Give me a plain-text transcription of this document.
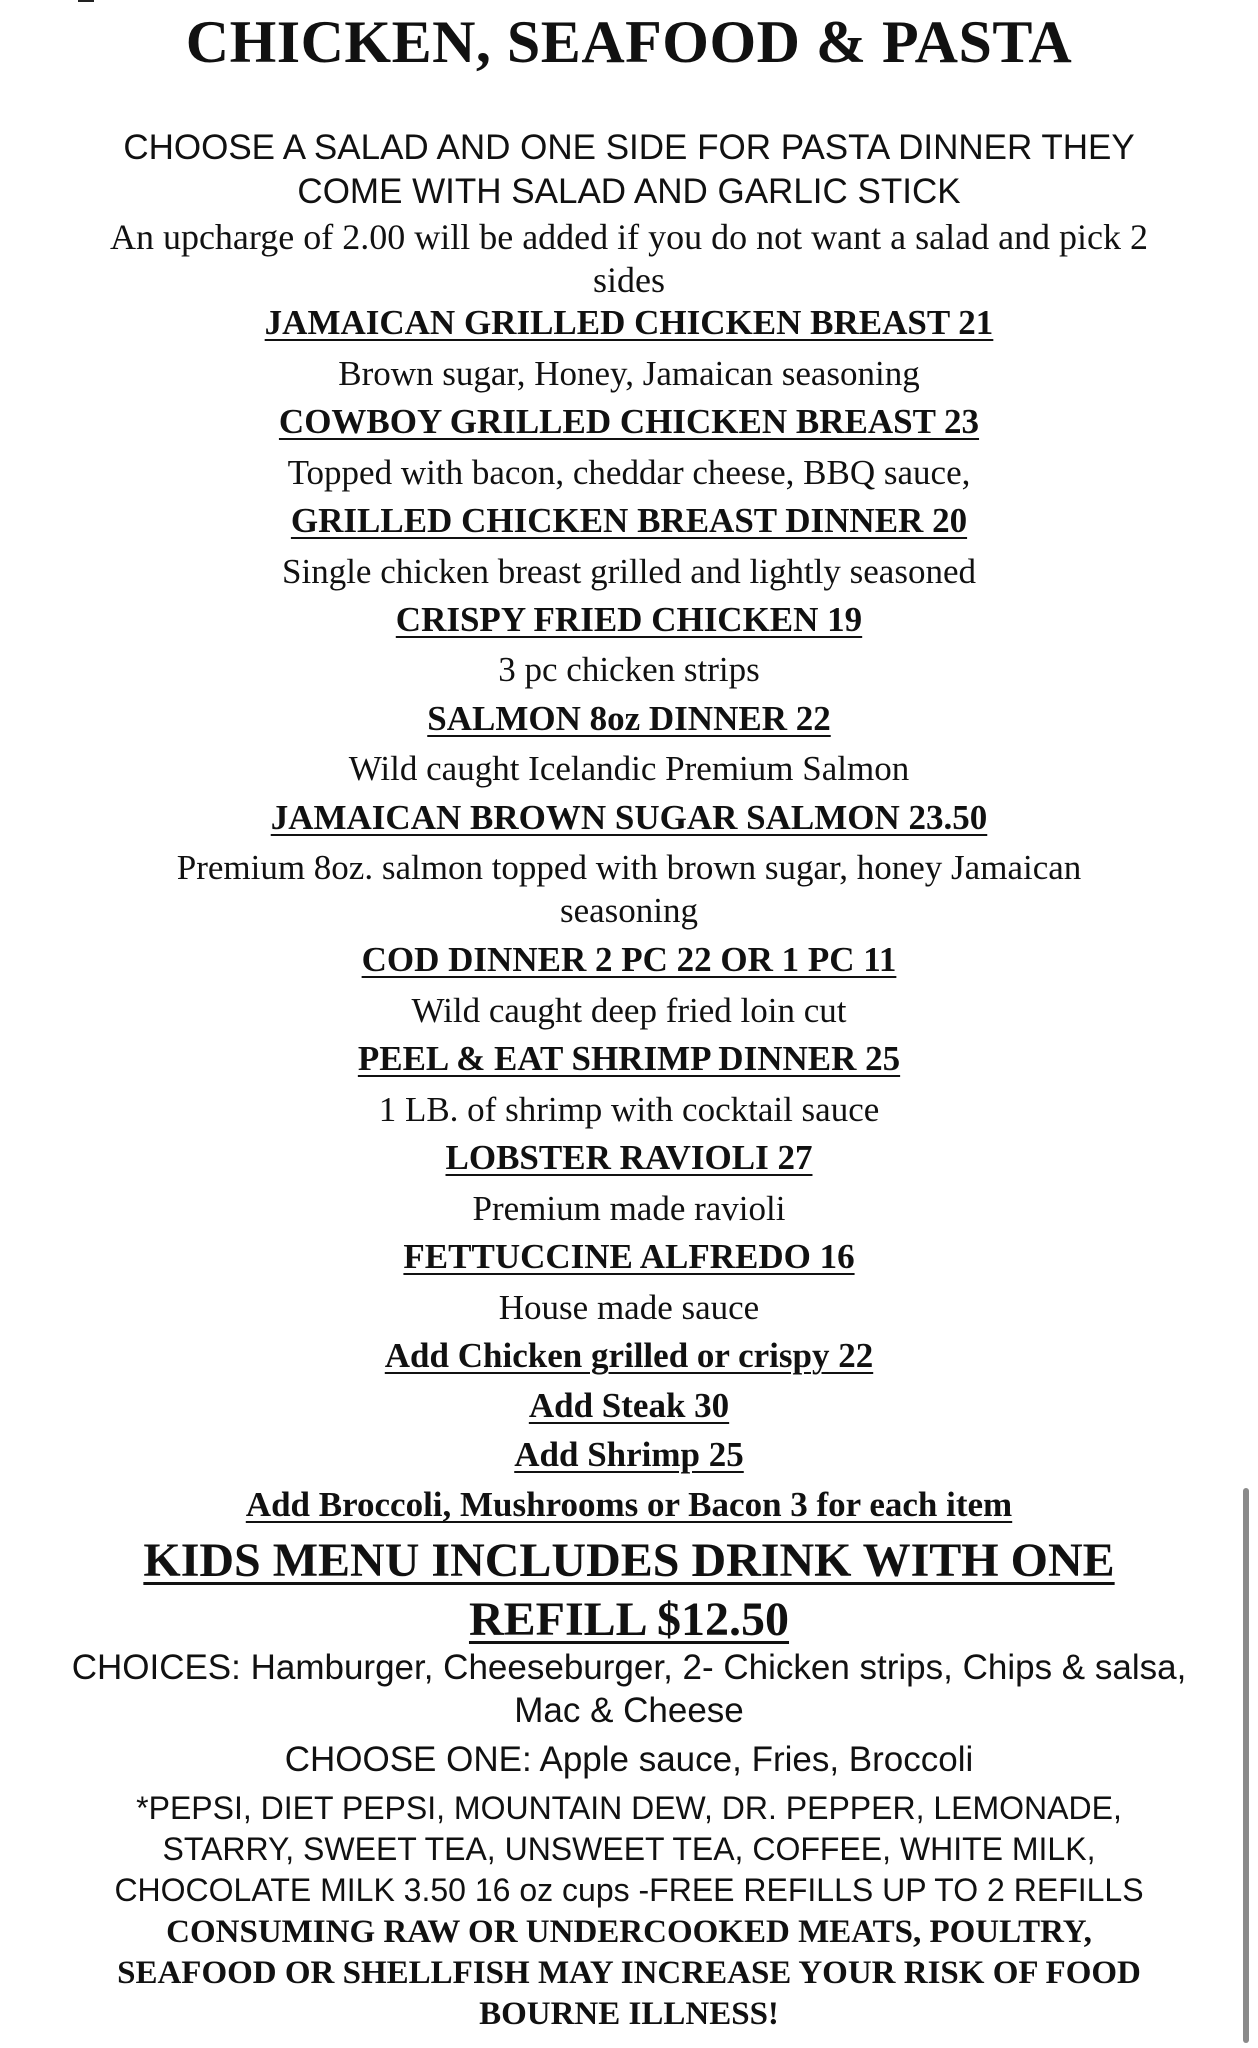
CHICKEN, SEAFOOD & PASTA
CHOOSE A SALAD AND ONE SIDE FOR PASTA DINNER THEY
COME WITH SALAD AND GARLIC STICK
An upcharge of 2.00 will be added if you do not want a salad and pick 2
sides
JAMAICAN GRILLED CHICKEN BREAST 21
Brown sugar, Honey, Jamaican seasoning
COWBOY GRILLED CHICKEN BREAST 23
Topped with bacon, cheddar cheese, BBQ sauce,
GRILLED CHICKEN BREAST DINNER 20
Single chicken breast grilled and lightly seasoned
CRISPY FRIED CHICKEN 19
3 pc chicken strips
SALMON 8oz DINNER 22
Wild caught Icelandic Premium Salmon
JAMAICAN BROWN SUGAR SALMON 23.50
Premium 8oz. salmon topped with brown sugar, honey Jamaican
seasoning
COD DINNER 2 PC 22 OR 1 PC 11
Wild caught deep fried loin cut
PEEL & EAT SHRIMP DINNER 25
1 LB. of shrimp with cocktail sauce
LOBSTER RAVIOLI 27
Premium made ravioli
FETTUCCINE ALFREDO 16
House made sauce
Add Chicken grilled or crispy 22
Add Steak 30
Add Shrimp 25
Add Broccoli, Mushrooms or Bacon 3 for each item
KIDS MENU INCLUDES DRINK WITH ONE
REFILL $12.50
CHOICES: Hamburger, Cheeseburger, 2- Chicken strips, Chips & salsa,
Mac & Cheese
CHOOSE ONE: Apple sauce, Fries, Broccoli
*PEPSI, DIET PEPSI, MOUNTAIN DEW, DR. PEPPER, LEMONADE,
STARRY, SWEET TEA, UNSWEET TEA, COFFEE, WHITE MILK,
CHOCOLATE MILK 3.50 16 oz cups -FREE REFILLS UP TO 2 REFILLS
CONSUMING RAW OR UNDERCOOKED MEATS, POULTRY,
SEAFOOD OR SHELLFISH MAY INCREASE YOUR RISK OF FOOD
BOURNE ILLNESS!
